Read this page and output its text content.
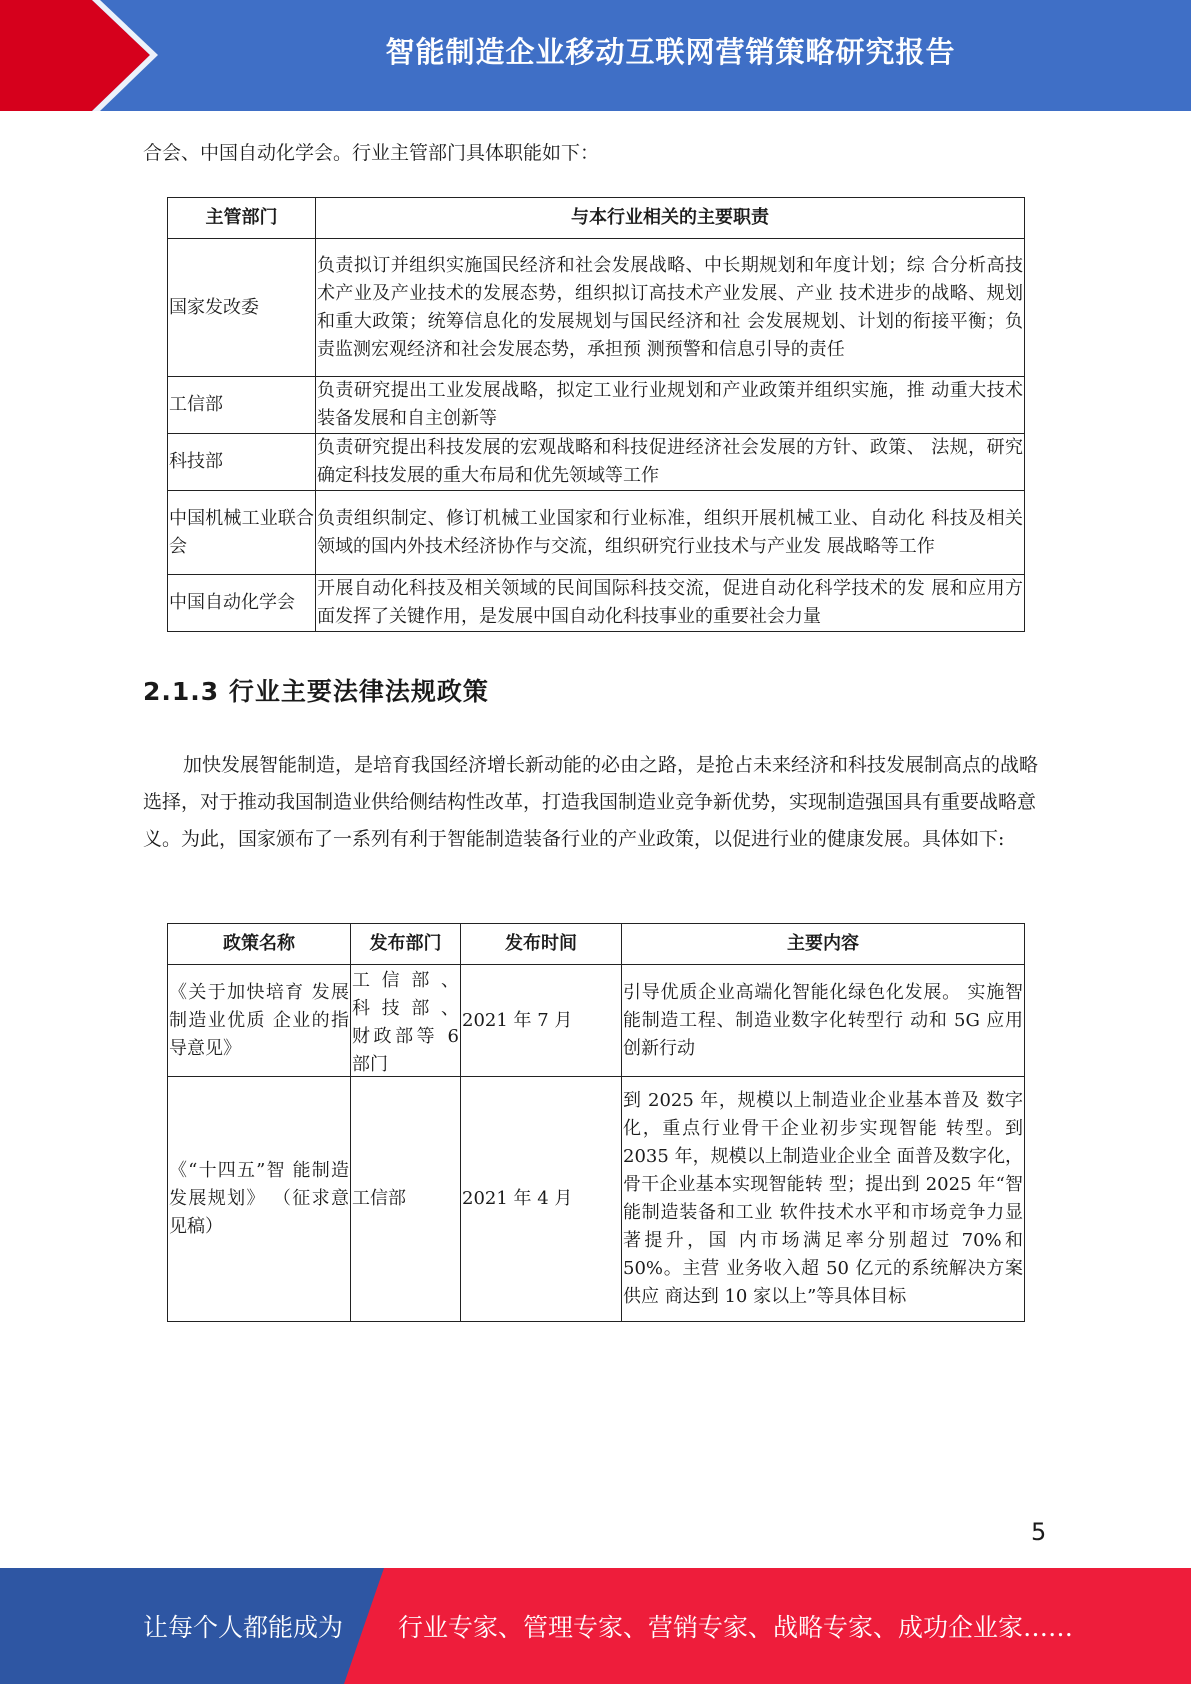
智能制造企业移动互联网营销策略研究报告

合会、中国自动化学会。行业主管部门具体职能如下：

主管部门	与本行业相关的主要职责
国家发改委	负责拟订并组织实施国民经济和社会发展战略、中长期规划和年度计划；综 合分析高技术产业及产业技术的发展态势，组织拟订高技术产业发展、产业 技术进步的战略、规划和重大政策；统筹信息化的发展规划与国民经济和社 会发展规划、计划的衔接平衡；负责监测宏观经济和社会发展态势，承担预 测预警和信息引导的责任
工信部	负责研究提出工业发展战略，拟定工业行业规划和产业政策并组织实施，推 动重大技术装备发展和自主创新等
科技部	负责研究提出科技发展的宏观战略和科技促进经济社会发展的方针、政策、 法规，研究确定科技发展的重大布局和优先领域等工作
中国机械工业联合会	负责组织制定、修订机械工业国家和行业标准，组织开展机械工业、自动化 科技及相关领域的国内外技术经济协作与交流，组织研究行业技术与产业发 展战略等工作
中国自动化学会	开展自动化科技及相关领域的民间国际科技交流，促进自动化科学技术的发 展和应用方面发挥了关键作用，是发展中国自动化科技事业的重要社会力量
2.1.3 行业主要法律法规政策

加快发展智能制造，是培育我国经济增长新动能的必由之路，是抢占未来经济和科技发展制高点的战略选择，对于推动我国制造业供给侧结构性改革，打造我国制造业竞争新优势，实现制造强国具有重要战略意义。为此，国家颁布了一系列有利于智能制造装备行业的产业政策，以促进行业的健康发展。具体如下:

政策名称	发布部门	发布时间	主要内容
《关于加快培育 发展制造业优质 企业的指导意见》	工 信 部 、 科 技 部 、 财政部等 6 部门	2021 年 7 月	引导优质企业高端化智能化绿色化发展。 实施智能制造工程、制造业数字化转型行 动和 5G 应用创新行动
《“十四五”智 能制造发展规划》 （征求意见稿）	工信部	2021 年 4 月	到 2025 年，规模以上制造业企业基本普及 数字化，重点行业骨干企业初步实现智能 转型。到 2035 年，规模以上制造业企业全 面普及数字化，骨干企业基本实现智能转 型；提出到 2025 年“智能制造装备和工业 软件技术水平和市场竞争力显著提升，国 内市场满足率分别超过 70%和 50%。主营 业务收入超 50 亿元的系统解决方案供应 商达到 10 家以上”等具体目标
5
让每个人都能成为 行业专家、管理专家、营销专家、战略专家、成功企业家……
